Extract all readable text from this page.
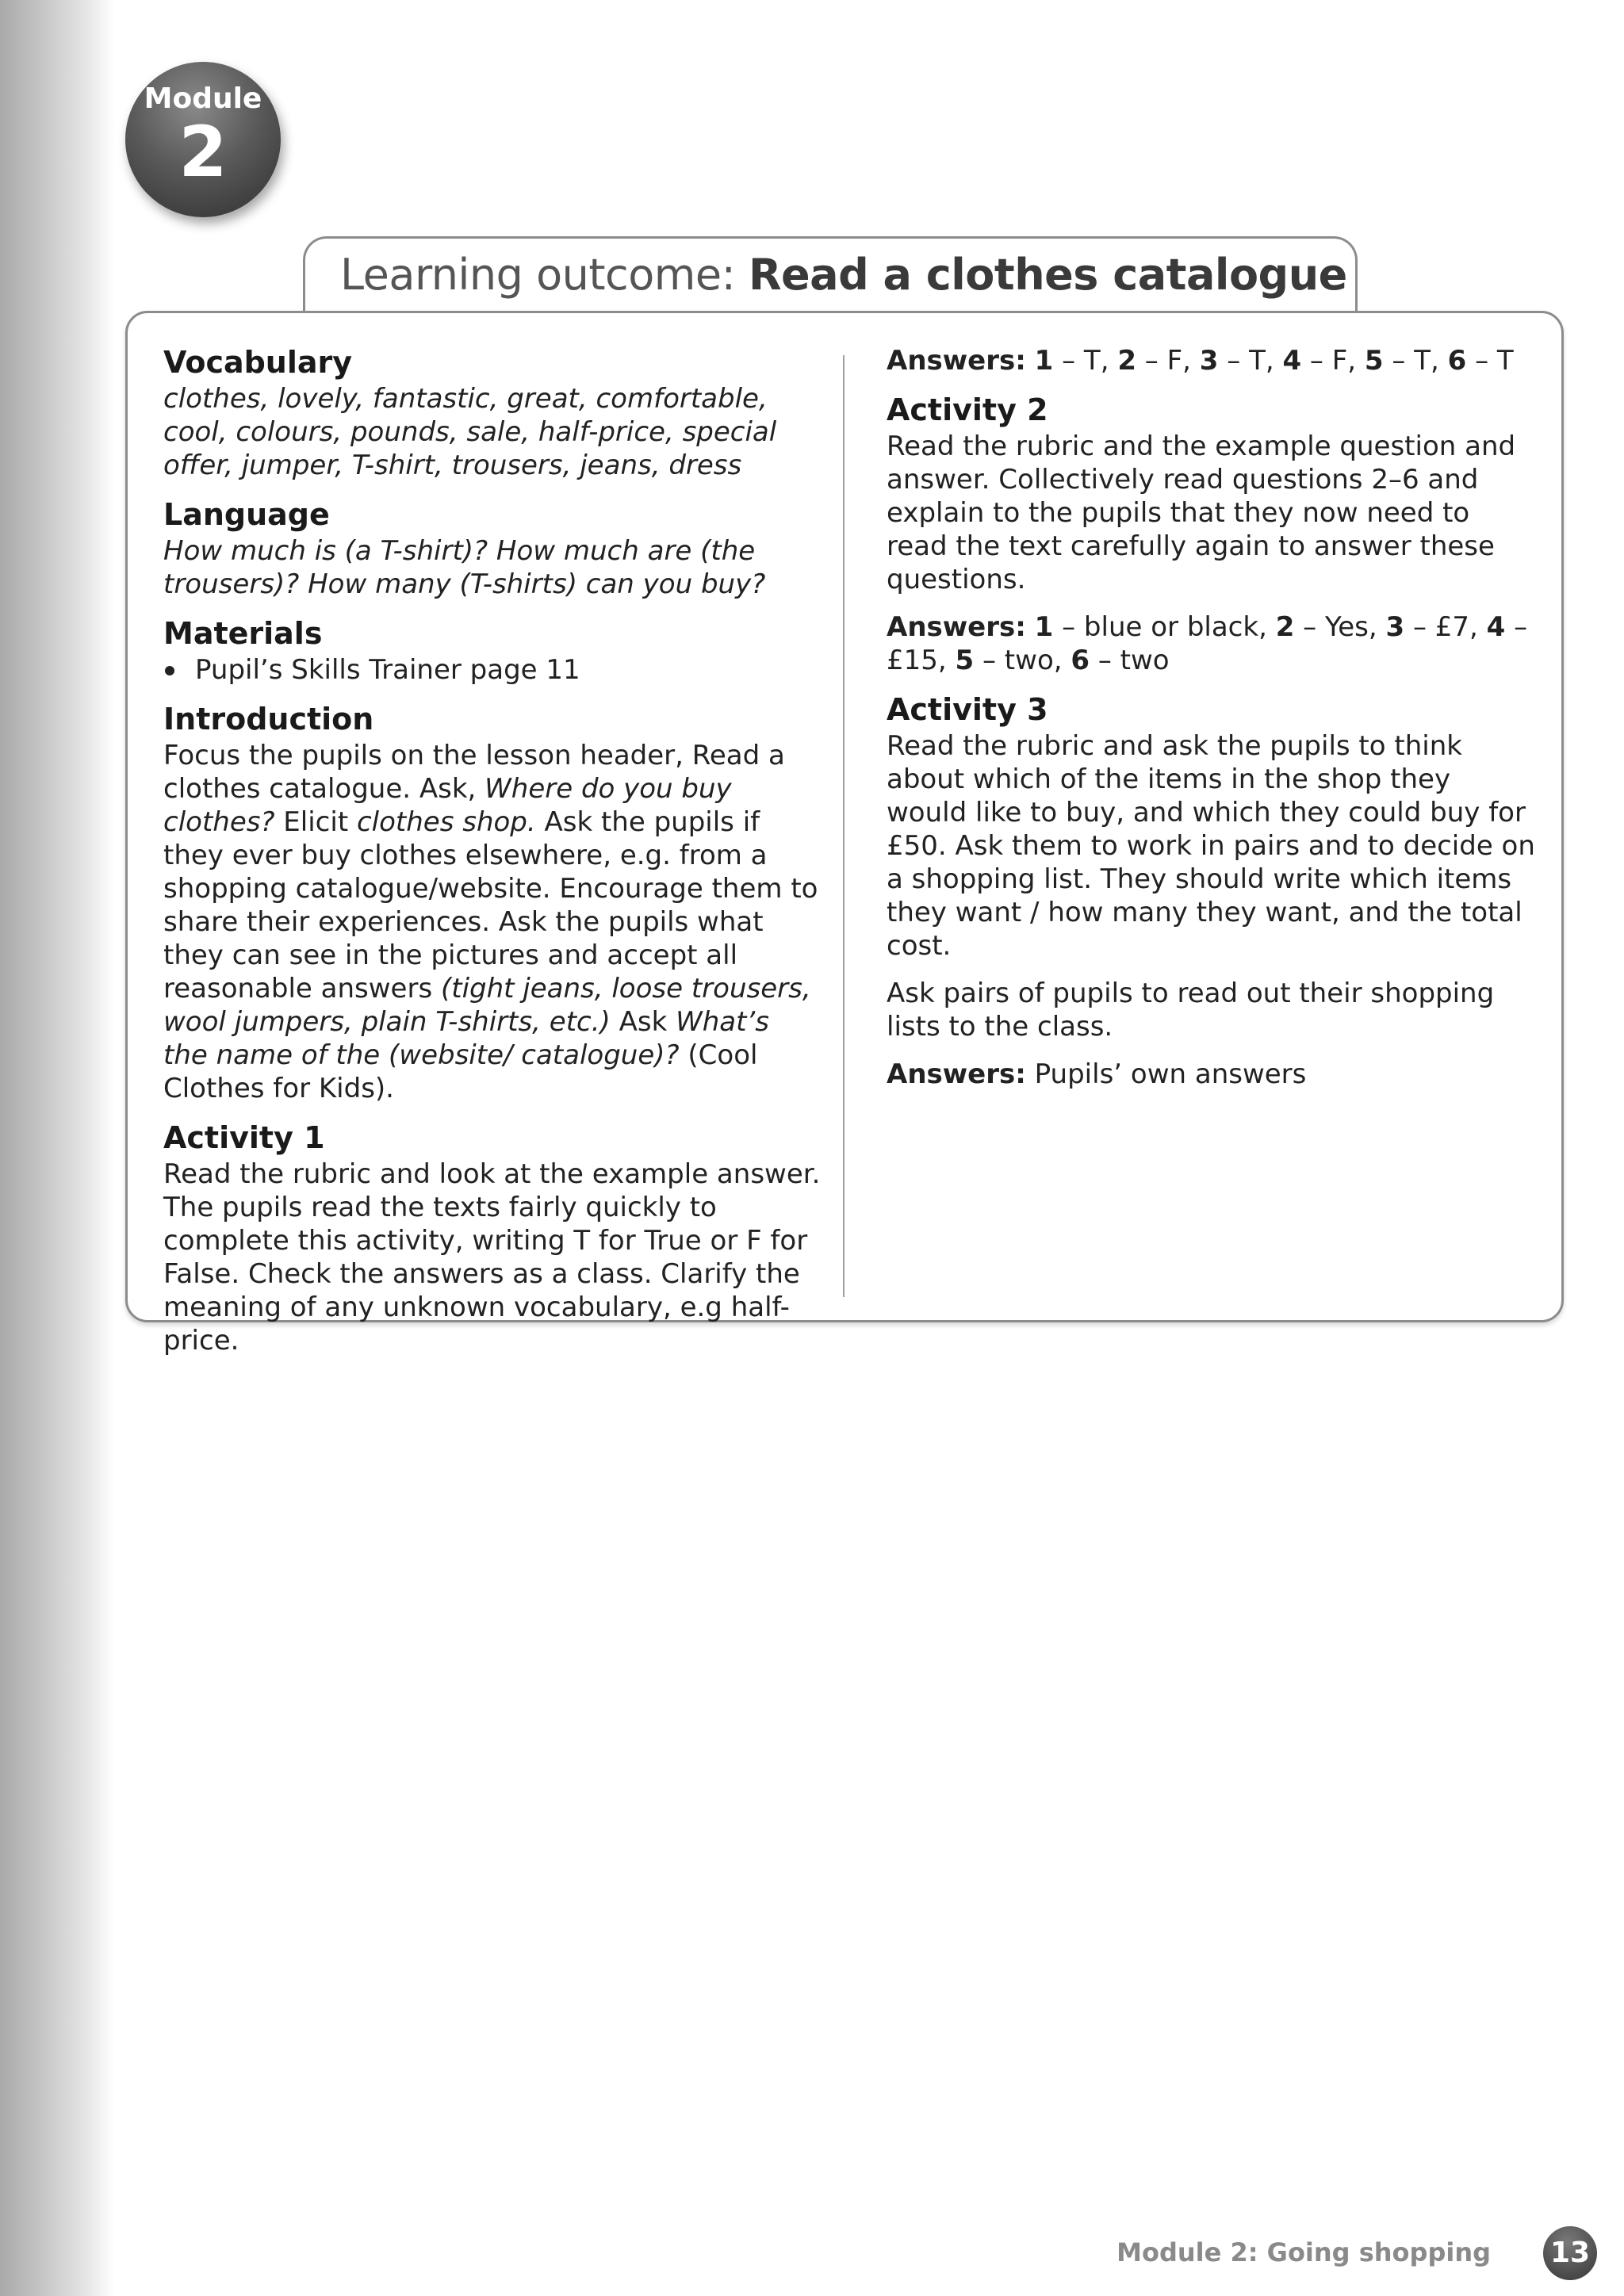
Module
2
Learning outcome: Read a clothes catalogue
Vocabulary

clothes, lovely, fantastic, great, comfortable, cool, colours, pounds, sale, half-price, special offer, jumper, T-shirt, trousers, jeans, dress

Language

How much is (a T-shirt)? How much are (the trousers)? How many (T-shirts) can you buy?

Materials
Pupil’s Skills Trainer page 11
Introduction

Focus the pupils on the lesson header, Read a clothes catalogue. Ask, Where do you buy clothes? Elicit clothes shop. Ask the pupils if they ever buy clothes elsewhere, e.g. from a shopping catalogue/website. Encourage them to share their experiences. Ask the pupils what they can see in the pictures and accept all reasonable answers (tight jeans, loose trousers, wool jumpers, plain T-shirts, etc.) Ask What’s the name of the (website/ catalogue)? (Cool Clothes for Kids).

Activity 1

Read the rubric and look at the example answer. The pupils read the texts fairly quickly to complete this activity, writing T for True or F for False. Check the answers as a class. Clarify the meaning of any unknown vocabulary, e.g half-price.

Answers: 1 – T, 2 – F, 3 – T, 4 – F, 5 – T, 6 – T

Activity 2

Read the rubric and the example question and answer. Collectively read questions 2–6 and explain to the pupils that they now need to read the text carefully again to answer these questions.

Answers: 1 – blue or black, 2 – Yes, 3 – £7, 4 – £15, 5 – two, 6 – two

Activity 3

Read the rubric and ask the pupils to think about which of the items in the shop they would like to buy, and which they could buy for £50. Ask them to work in pairs and to decide on a shopping list. They should write which items they want / how many they want, and the total cost.

Ask pairs of pupils to read out their shopping lists to the class.

Answers: Pupils’ own answers

Module 2: Going shopping 13
